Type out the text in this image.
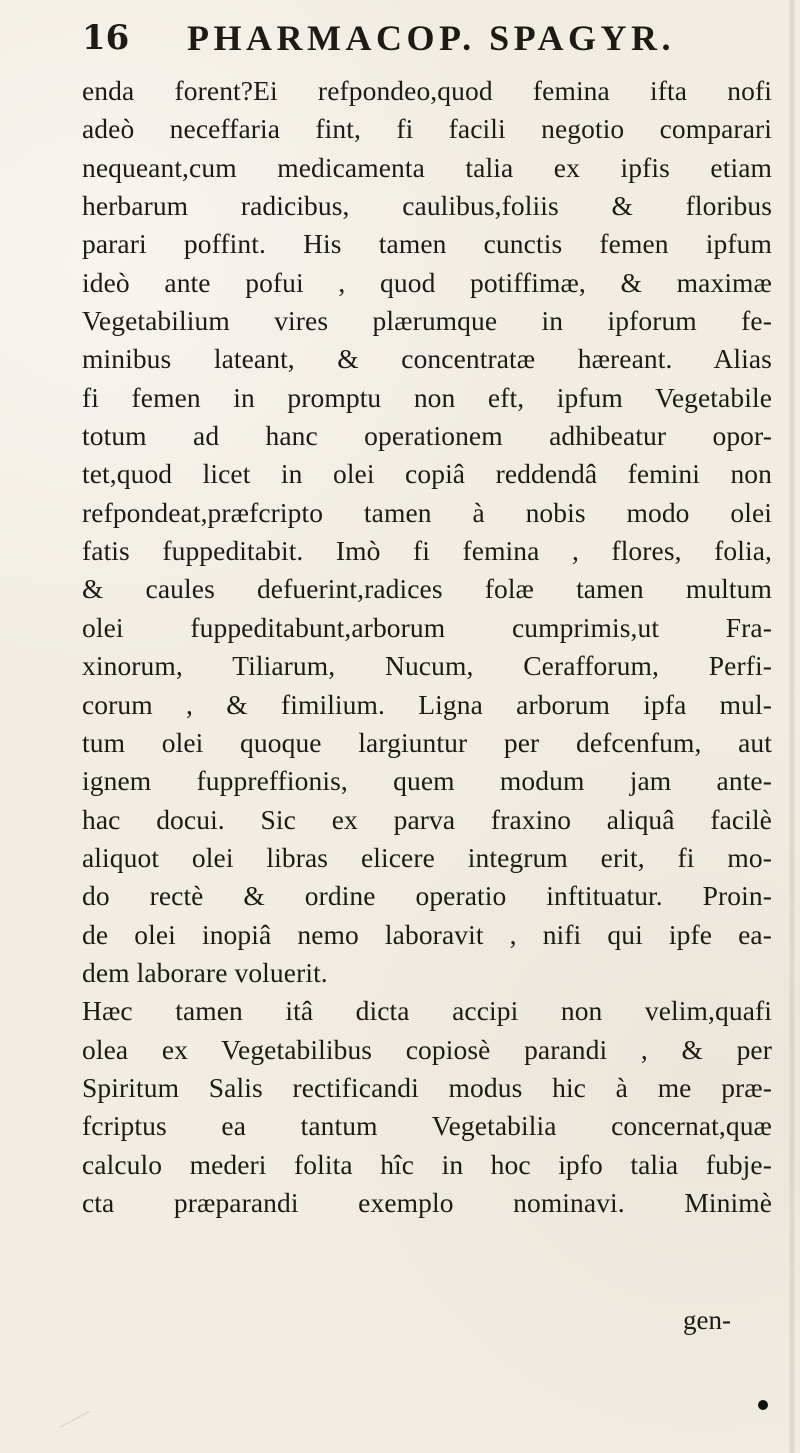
16 PHARMACOP. SPAGYR.
enda forent?Ei refpondeo,quod femina ifta nofi
adeò neceffaria fint, fi facili negotio comparari
nequeant,cum medicamenta talia ex ipfis etiam
herbarum radicibus, caulibus,foliis & floribus
parari poffint. His tamen cunctis femen ipfum
ideò ante pofui , quod potiffimæ, & maximæ
Vegetabilium vires plærumque in ipforum fe-
minibus lateant, & concentratæ hæreant. Alias
fi femen in promptu non eft, ipfum Vegetabile
totum ad hanc operationem adhibeatur opor-
tet,quod licet in olei copiâ reddendâ femini non
refpondeat,præfcripto tamen à nobis modo olei
fatis fuppeditabit. Imò fi femina , flores, folia,
& caules defuerint,radices folæ tamen multum
olei fuppeditabunt,arborum cumprimis,ut Fra-
xinorum, Tiliarum, Nucum, Cerafforum, Perfi-
corum , & fimilium. Ligna arborum ipfa mul-
tum olei quoque largiuntur per defcenfum, aut
ignem fuppreffionis, quem modum jam ante-
hac docui. Sic ex parva fraxino aliquâ facilè
aliquot olei libras elicere integrum erit, fi mo-
do rectè & ordine operatio inftituatur. Proin-
de olei inopiâ nemo laboravit , nifi qui ipfe ea-
dem laborare voluerit.
Hæc tamen itâ dicta accipi non velim,quafi
olea ex Vegetabilibus copiosè parandi , & per
Spiritum Salis rectificandi modus hic à me præ-
fcriptus ea tantum Vegetabilia concernat,quæ
calculo mederi folita hîc in hoc ipfo talia fubje-
cta præparandi exemplo nominavi. Minimè
gen-
